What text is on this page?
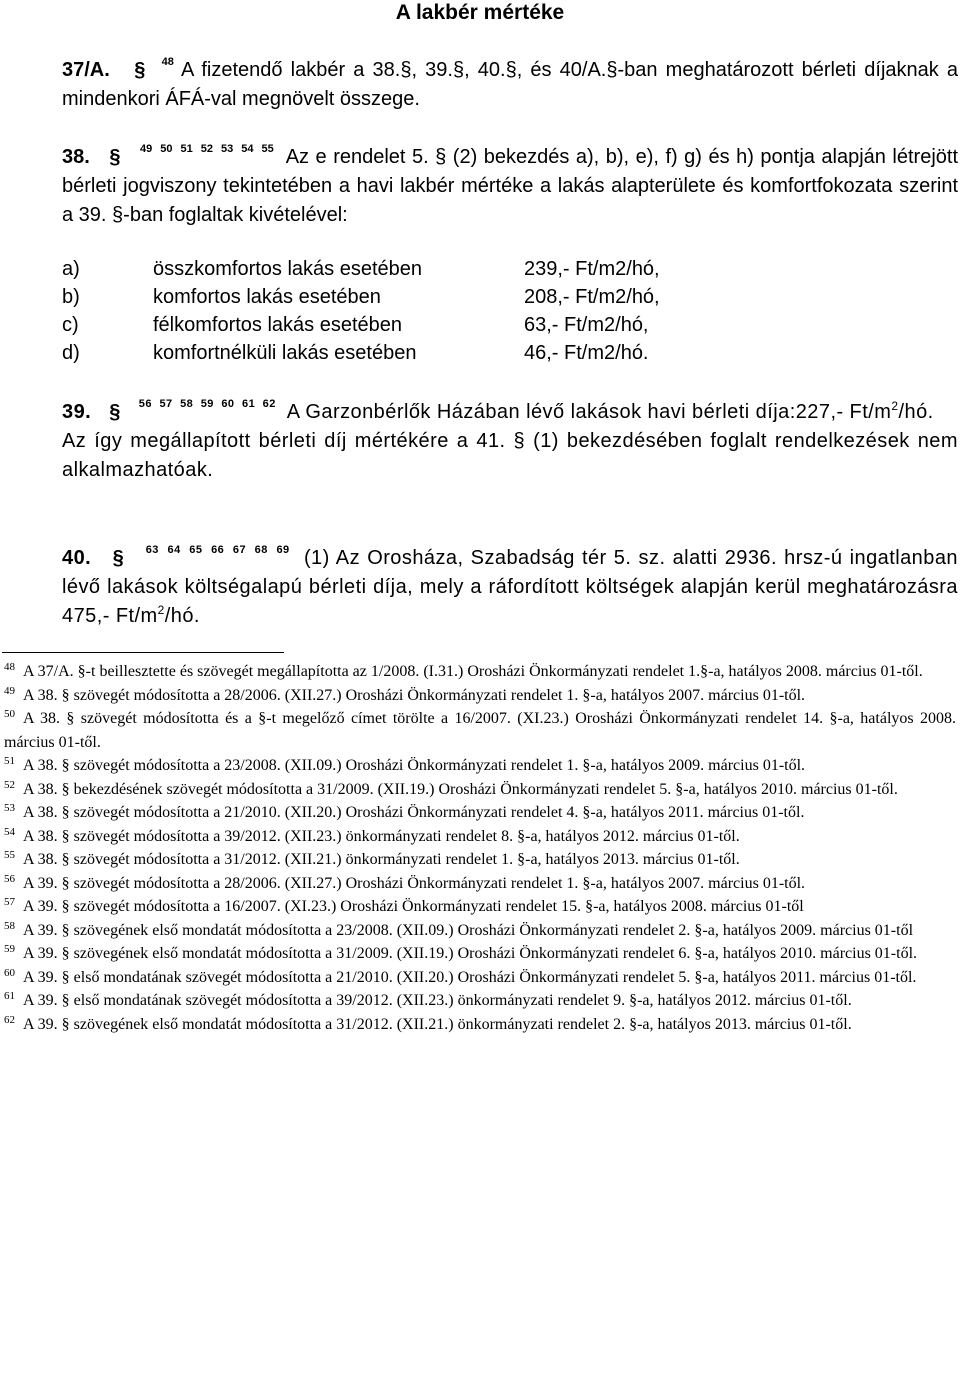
A lakbér mértéke
37/A. § $^{48}$ A fizetendő lakbér a 38.§, 39.§, 40.§, és 40/A.§-ban meghatározott bérleti díjaknak a mindenkori ÁFÁ-val megnövelt összege.
38. § $^{49 50 51 52 53 54 55}$ Az e rendelet 5. § (2) bekezdés a), b), e), f) g) és h) pontja alapján létrejött bérleti jogviszony tekintetében a havi lakbér mértéke a lakás alapterülete és komfortfokozata szerint a 39. §-ban foglaltak kivételével:
a)	összkomfortos lakás esetében	239,- Ft/m2/hó,
b)	komfortos lakás esetében	208,- Ft/m2/hó,
c)	félkomfortos lakás esetében	63,- Ft/m2/hó,
d)	komfortnélküli lakás esetében	46,- Ft/m2/hó.
39. § $^{56 57 58 59 60 61 62}$ A Garzonbérlők Házában lévő lakások havi bérleti díja:227,- $Ft/m^2/hó$.
Az így megállapított bérleti díj mértékére a 41. § (1) bekezdésében foglalt rendelkezések nem alkalmazhatóak.
40. § $^{63 64 65 66 67 68 69}$ (1) Az Orosháza, Szabadság tér 5. sz. alatti 2936. hrsz-ú ingatlanban lévő lakások költségalapú bérleti díja, mely a ráfordított költségek alapján kerül meghatározásra 475,- $Ft/m^2/hó$.
$^{48}$ A 37/A. §-t beillesztette és szövegét megállapította az 1/2008. (I.31.) Orosházi Önkormányzati rendelet 1.§-a, hatályos 2008. március 01-től.
$^{49}$ A 38. § szövegét módosította a 28/2006. (XII.27.) Orosházi Önkormányzati rendelet 1. §-a, hatályos 2007. március 01-től.
$^{50}$ A 38. § szövegét módosította és a §-t megelőző címet törölte a 16/2007. (XI.23.) Orosházi Önkormányzati rendelet 14. §-a, hatályos 2008. március 01-től.
$^{51}$ A 38. § szövegét módosította a 23/2008. (XII.09.) Orosházi Önkormányzati rendelet 1. §-a, hatályos 2009. március 01-től.
$^{52}$ A 38. § bekezdésének szövegét módosította a 31/2009. (XII.19.) Orosházi Önkormányzati rendelet 5. §-a, hatályos 2010. március 01-től.
$^{53}$ A 38. § szövegét módosította a 21/2010. (XII.20.) Orosházi Önkormányzati rendelet 4. §-a, hatályos 2011. március 01-től.
$^{54}$ A 38. § szövegét módosította a 39/2012. (XII.23.) önkormányzati rendelet 8. §-a, hatályos 2012. március 01-től.
$^{55}$ A 38. § szövegét módosította a 31/2012. (XII.21.) önkormányzati rendelet 1. §-a, hatályos 2013. március 01-től.
$^{56}$ A 39. § szövegét módosította a 28/2006. (XII.27.) Orosházi Önkormányzati rendelet 1. §-a, hatályos 2007. március 01-től.
$^{57}$ A 39. § szövegét módosította a 16/2007. (XI.23.) Orosházi Önkormányzati rendelet 15. §-a, hatályos 2008. március 01-től
$^{58}$ A 39. § szövegének első mondatát módosította a 23/2008. (XII.09.) Orosházi Önkormányzati rendelet 2. §-a, hatályos 2009. március 01-től
$^{59}$ A 39. § szövegének első mondatát módosította a 31/2009. (XII.19.) Orosházi Önkormányzati rendelet 6. §-a, hatályos 2010. március 01-től.
$^{60}$ A 39. § első mondatának szövegét módosította a 21/2010. (XII.20.) Orosházi Önkormányzati rendelet 5. §-a, hatályos 2011. március 01-től.
$^{61}$ A 39. § első mondatának szövegét módosította a 39/2012. (XII.23.) önkormányzati rendelet 9. §-a, hatályos 2012. március 01-től.
$^{62}$ A 39. § szövegének első mondatát módosította a 31/2012. (XII.21.) önkormányzati rendelet 2. §-a, hatályos 2013. március 01-től.
